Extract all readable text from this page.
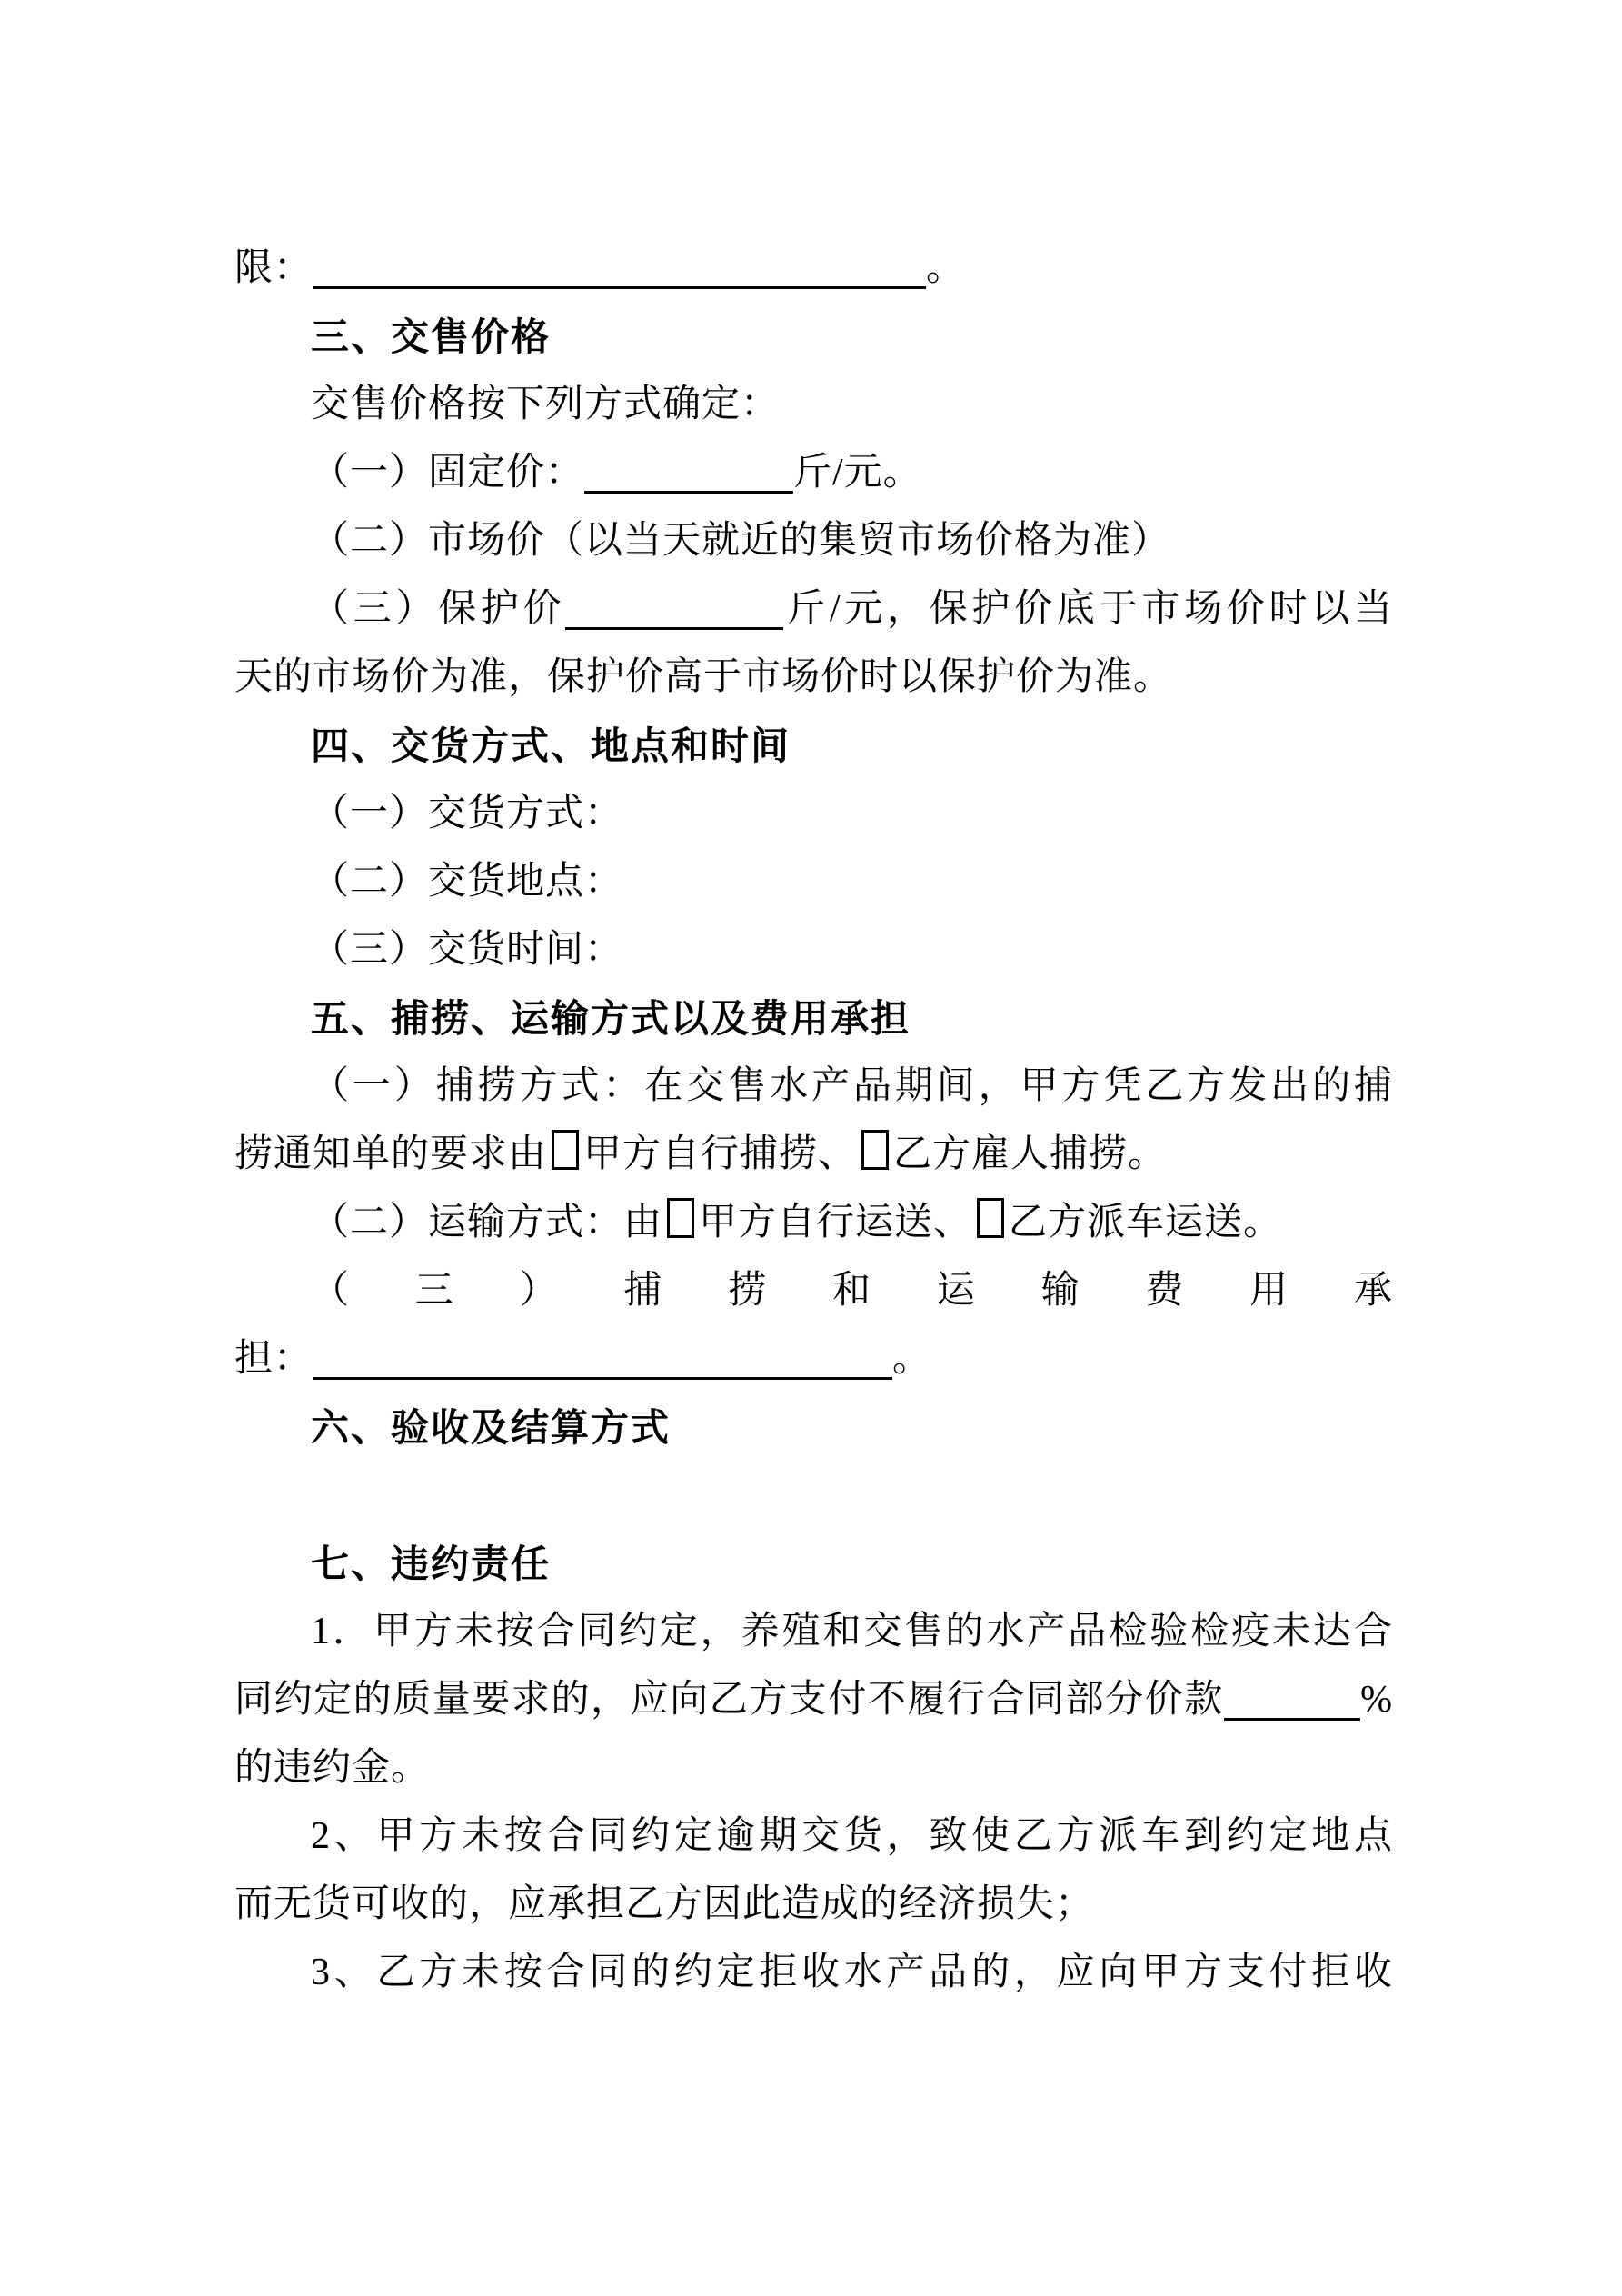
限：	。
三、交售价格
交售价格按下列方式确定：
（一）固定价：	斤/元。
（二）市场价（以当天就近的集贸市场价格为准）
（三）保护价	斤/元，保护价底于市场价时以当
天的市场价为准，保护价高于市场价时以保护价为准。
四、交货方式、地点和时间
（一）交货方式：
（二）交货地点：
（三）交货时间：
五、捕捞、运输方式以及费用承担
（一）捕捞方式：在交售水产品期间，甲方凭乙方发出的捕
捞通知单的要求由 甲方自行捕捞、 乙方雇人捕捞。
（二）运输方式：由 甲方自行运送、 乙方派车运送。
（三）捕捞和运输费用承
担：	。
六、验收及结算方式
七、违约责任
1．甲方未按合同约定，养殖和交售的水产品检验检疫未达合
同约定的质量要求的，应向乙方支付不履行合同部分价款	%
的违约金。
2、甲方未按合同约定逾期交货，致使乙方派车到约定地点
而无货可收的，应承担乙方因此造成的经济损失；
3、乙方未按合同的约定拒收水产品的，应向甲方支付拒收
